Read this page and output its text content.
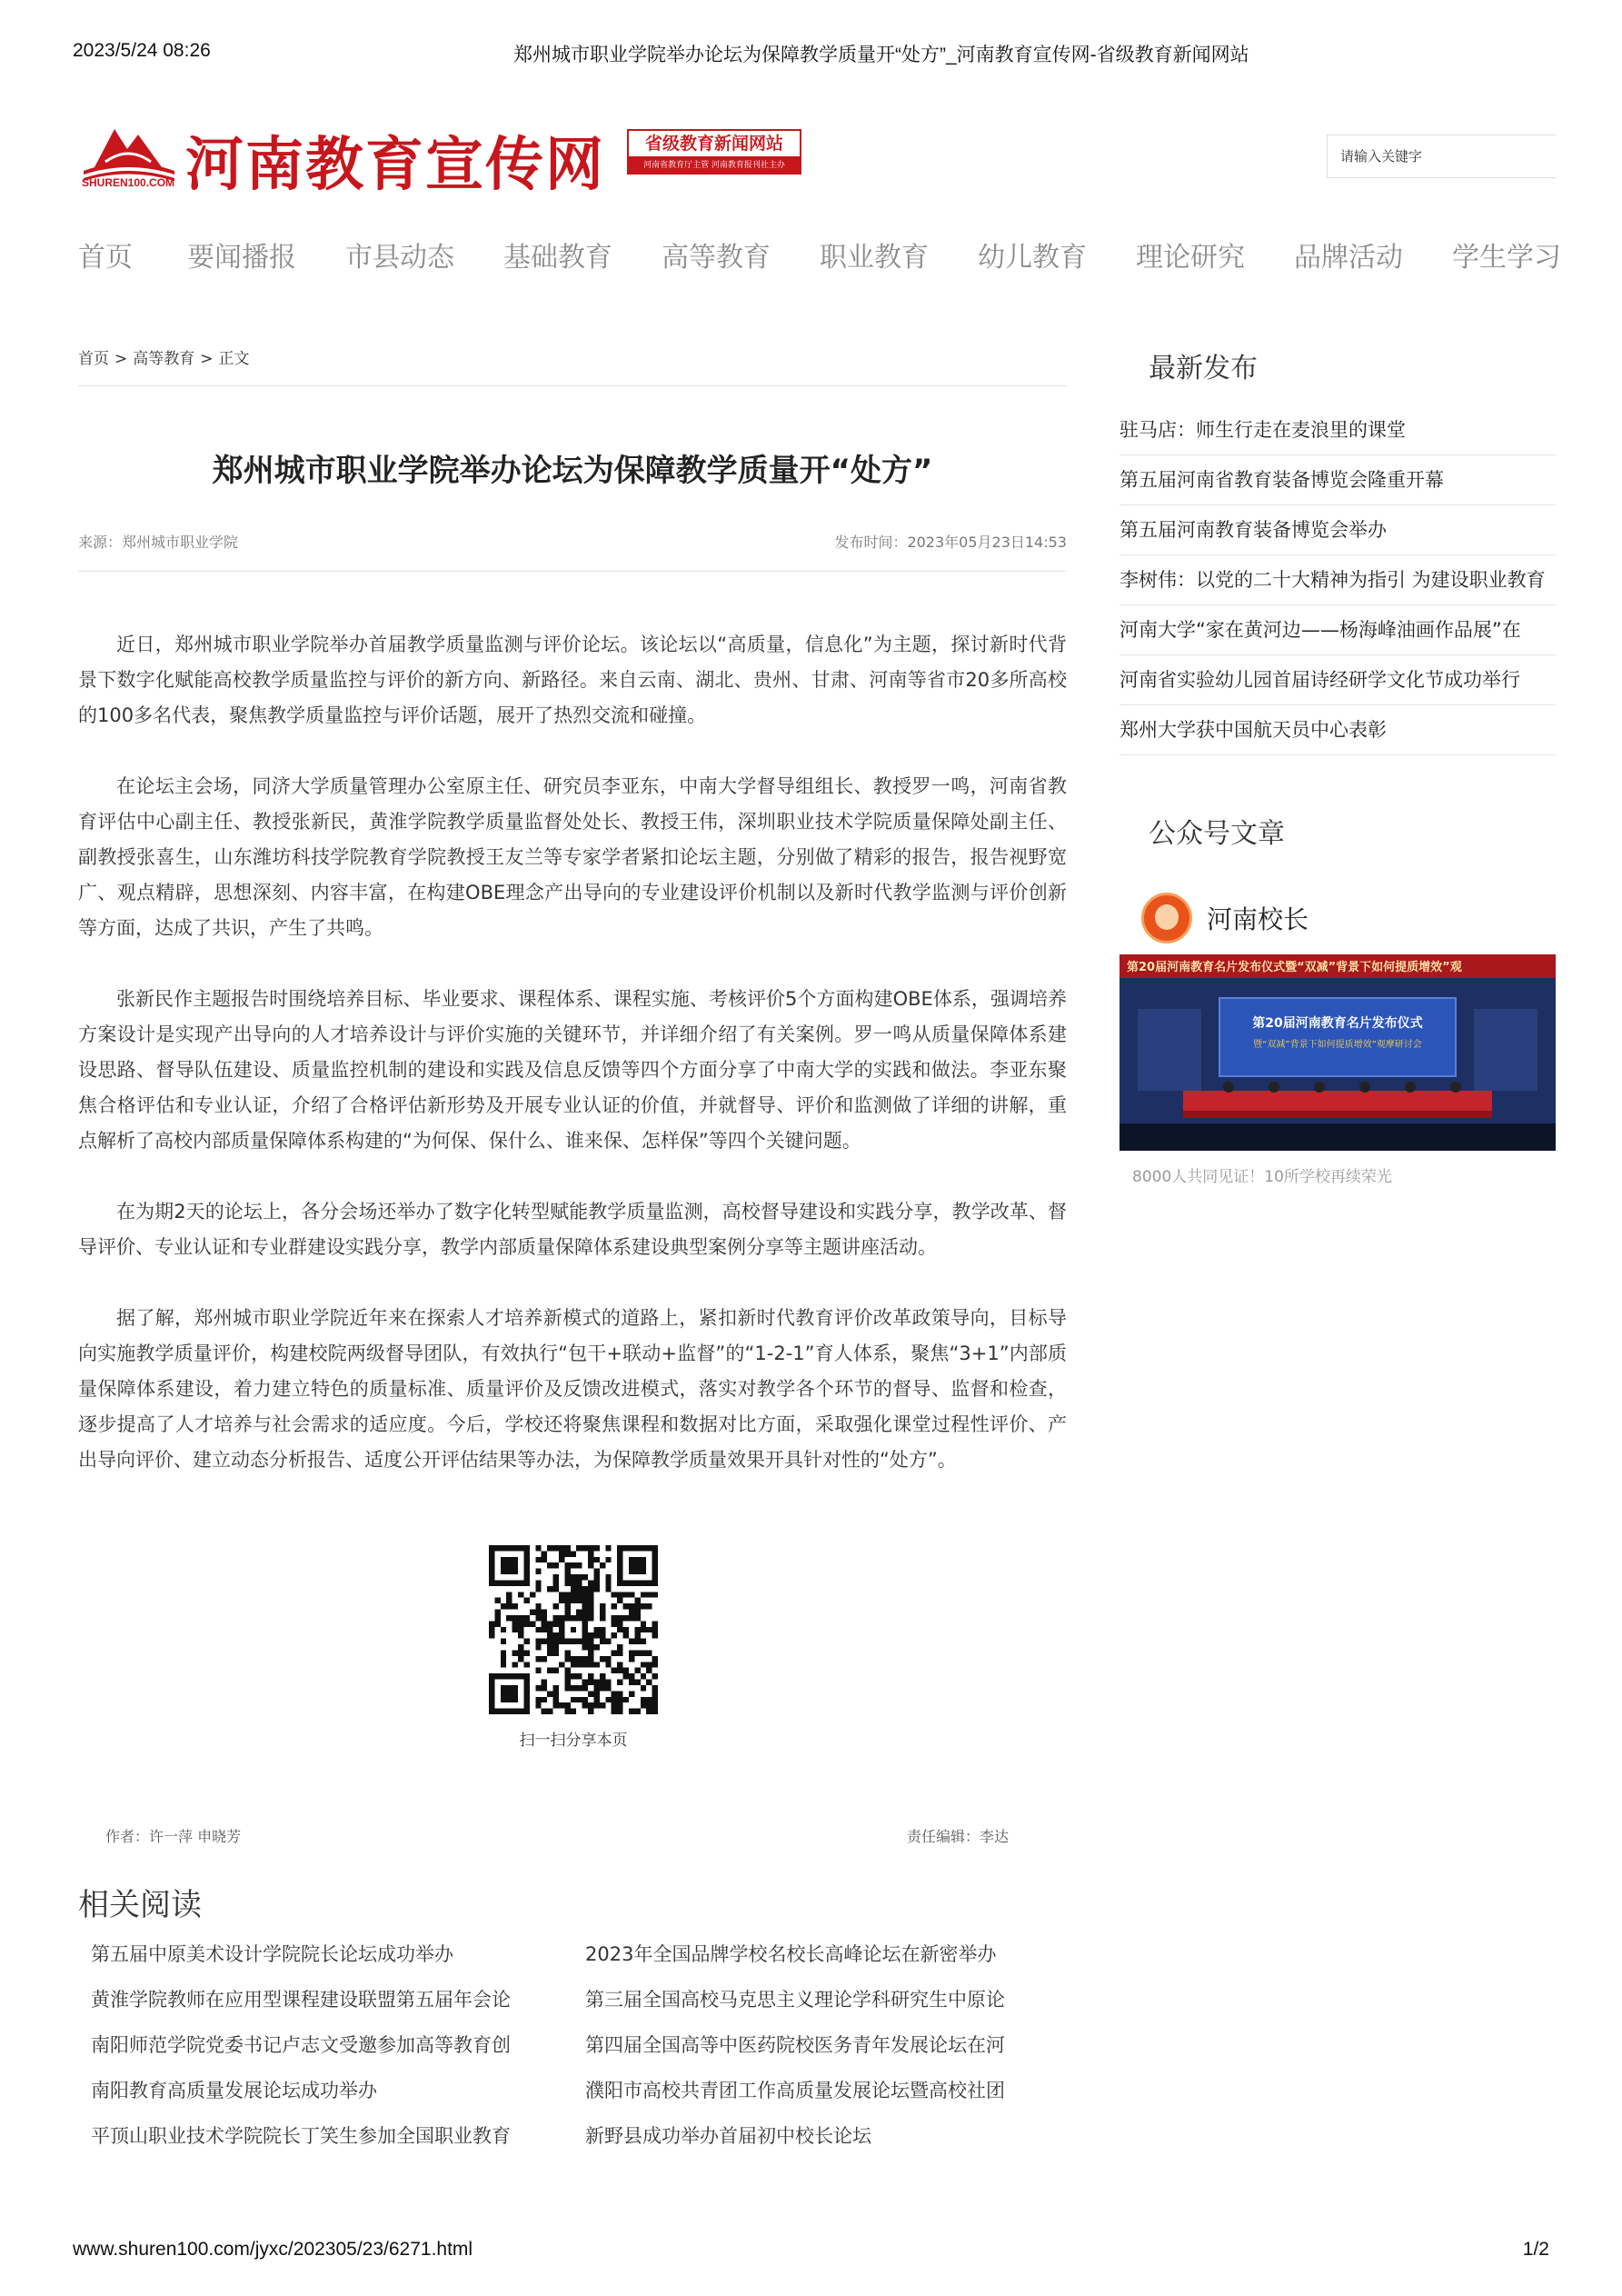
2023/5/24 08:26	郑州城市职业学院举办论坛为保障教学质量开“处方”_河南教育宣传网-省级教育新闻网站
SHUREN100.COM 河南教育宣传网	省级教育新闻网站
河南省教育厅主管 河南教育报刊社主办
请输入关键字
首页 要闻播报 市县动态 基础教育 高等教育 职业教育 幼儿教育 理论研究 品牌活动 学生学习
首页 > 高等教育 > 正文
郑州城市职业学院举办论坛为保障教学质量开“处方”
来源：郑州城市职业学院	发布时间：2023年05月23日14:53

近日，郑州城市职业学院举办首届教学质量监测与评价论坛。该论坛以“高质量，信息化”为主题，探讨新时代背景下数字化赋能高校教学质量监控与评价的新方向、新路径。来自云南、湖北、贵州、甘肃、河南等省市20多所高校的100多名代表，聚焦教学质量监控与评价话题，展开了热烈交流和碰撞。

在论坛主会场，同济大学质量管理办公室原主任、研究员李亚东，中南大学督导组组长、教授罗一鸣，河南省教育评估中心副主任、教授张新民，黄淮学院教学质量监督处处长、教授王伟，深圳职业技术学院质量保障处副主任、副教授张喜生，山东潍坊科技学院教育学院教授王友兰等专家学者紧扣论坛主题，分别做了精彩的报告，报告视野宽广、观点精辟，思想深刻、内容丰富，在构建OBE理念产出导向的专业建设评价机制以及新时代教学监测与评价创新等方面，达成了共识，产生了共鸣。

张新民作主题报告时围绕培养目标、毕业要求、课程体系、课程实施、考核评价5个方面构建OBE体系，强调培养方案设计是实现产出导向的人才培养设计与评价实施的关键环节，并详细介绍了有关案例。罗一鸣从质量保障体系建设思路、督导队伍建设、质量监控机制的建设和实践及信息反馈等四个方面分享了中南大学的实践和做法。李亚东聚焦合格评估和专业认证，介绍了合格评估新形势及开展专业认证的价值，并就督导、评价和监测做了详细的讲解，重点解析了高校内部质量保障体系构建的“为何保、保什么、谁来保、怎样保”等四个关键问题。

在为期2天的论坛上，各分会场还举办了数字化转型赋能教学质量监测，高校督导建设和实践分享，教学改革、督导评价、专业认证和专业群建设实践分享，教学内部质量保障体系建设典型案例分享等主题讲座活动。

据了解，郑州城市职业学院近年来在探索人才培养新模式的道路上，紧扣新时代教育评价改革政策导向，目标导向实施教学质量评价，构建校院两级督导团队，有效执行“包干+联动+监督”的“1-2-1”育人体系，聚焦“3+1”内部质量保障体系建设，着力建立特色的质量标准、质量评价及反馈改进模式，落实对教学各个环节的督导、监督和检查，逐步提高了人才培养与社会需求的适应度。今后，学校还将聚焦课程和数据对比方面，采取强化课堂过程性评价、产出导向评价、建立动态分析报告、适度公开评估结果等办法，为保障教学质量效果开具针对性的“处方”。

扫一扫分享本页
作者：许一萍 申晓芳	责任编辑：李达
相关阅读
第五届中原美术设计学院院长论坛成功举办
黄淮学院教师在应用型课程建设联盟第五届年会论
南阳师范学院党委书记卢志文受邀参加高等教育创
南阳教育高质量发展论坛成功举办
平顶山职业技术学院院长丁笑生参加全国职业教育
2023年全国品牌学校名校长高峰论坛在新密举办
第三届全国高校马克思主义理论学科研究生中原论
第四届全国高等中医药院校医务青年发展论坛在河
濮阳市高校共青团工作高质量发展论坛暨高校社团
新野县成功举办首届初中校长论坛
最新发布
驻马店：师生行走在麦浪里的课堂
第五届河南省教育装备博览会隆重开幕
第五届河南教育装备博览会举办
李树伟：以党的二十大精神为指引 为建设职业教育
河南大学“家在黄河边——杨海峰油画作品展”在
河南省实验幼儿园首届诗经研学文化节成功举行
郑州大学获中国航天员中心表彰
公众号文章
河南校长
第20届河南教育名片发布仪式暨“双减”背景下如何提质增效”观
第20届河南教育名片发布仪式
暨“双减”背景下如何提质增效”观摩研讨会
8000人共同见证！10所学校再续荣光
www.shuren100.com/jyxc/202305/23/6271.html	1/2
